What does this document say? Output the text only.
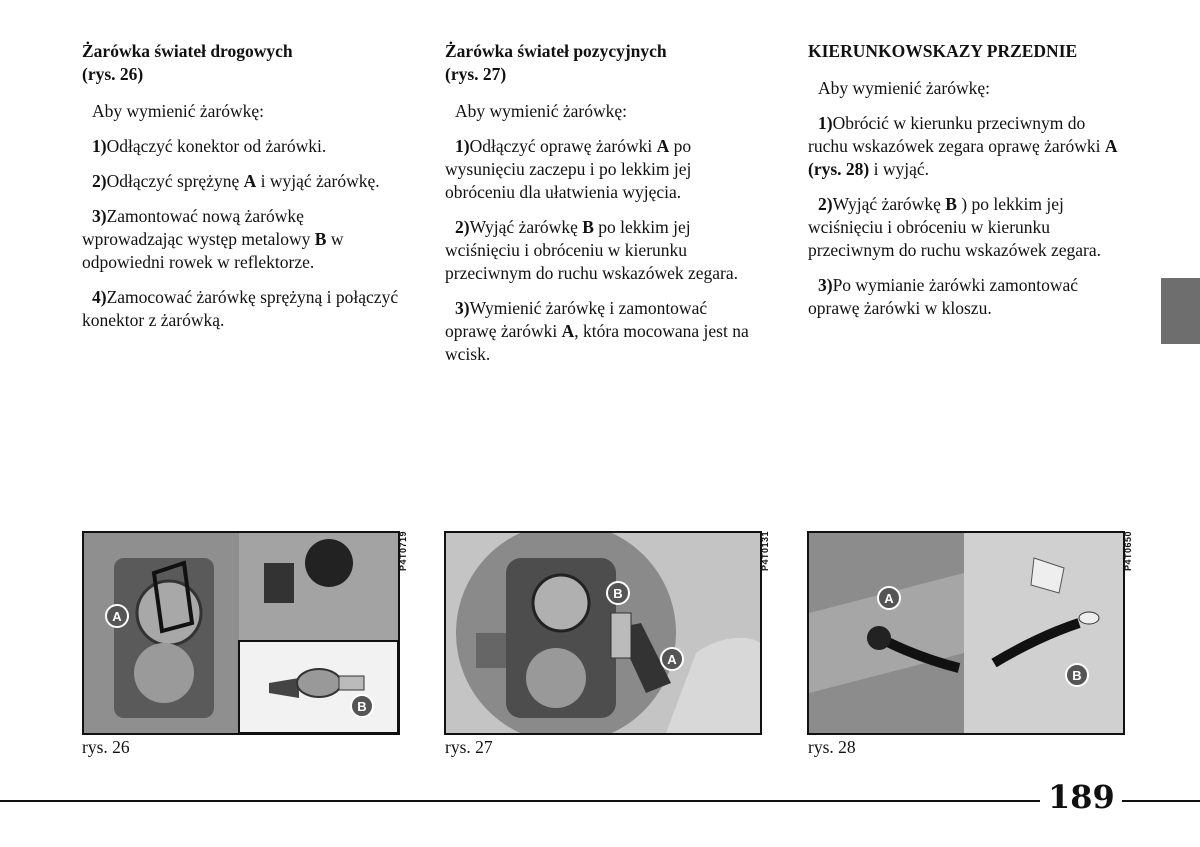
Żarówka świateł drogowych
(rys. 26)
Aby wymienić żarówkę:
1)Odłączyć konektor od żarówki.
2)Odłączyć sprężynę A i wyjąć żarówkę.
3)Zamontować nową żarówkę wprowadzając występ metalowy B w odpowiedni rowek w reflektorze.
4)Zamocować żarówkę sprężyną i połączyć konektor z żarówką.
Żarówka świateł pozycyjnych
(rys. 27)
Aby wymienić żarówkę:
1)Odłączyć oprawę żarówki A po wysunięciu zaczepu i po lekkim jej obróceniu dla ułatwienia wyjęcia.
2)Wyjąć żarówkę B po lekkim jej wciśnięciu i obróceniu w kierunku przeciwnym do ruchu wskazówek zegara.
3)Wymienić żarówkę i zamontować oprawę żarówki A, która mocowana jest na wcisk.
KIERUNKOWSKAZY PRZEDNIE
Aby wymienić żarówkę:
1)Obrócić w kierunku przeciwnym do ruchu wskazówek zegara oprawę żarówki A (rys. 28) i wyjąć.
2)Wyjąć żarówkę B ) po lekkim jej wciśnięciu i obróceniu w kierunku przeciwnym do ruchu wskazówek zegara.
3)Po wymianie żarówki zamontować oprawę żarówki w kloszu.
A
B
P4T0719
rys. 26
B
A
P4T0131
rys. 27
A
B
P4T0650
rys. 28
189
